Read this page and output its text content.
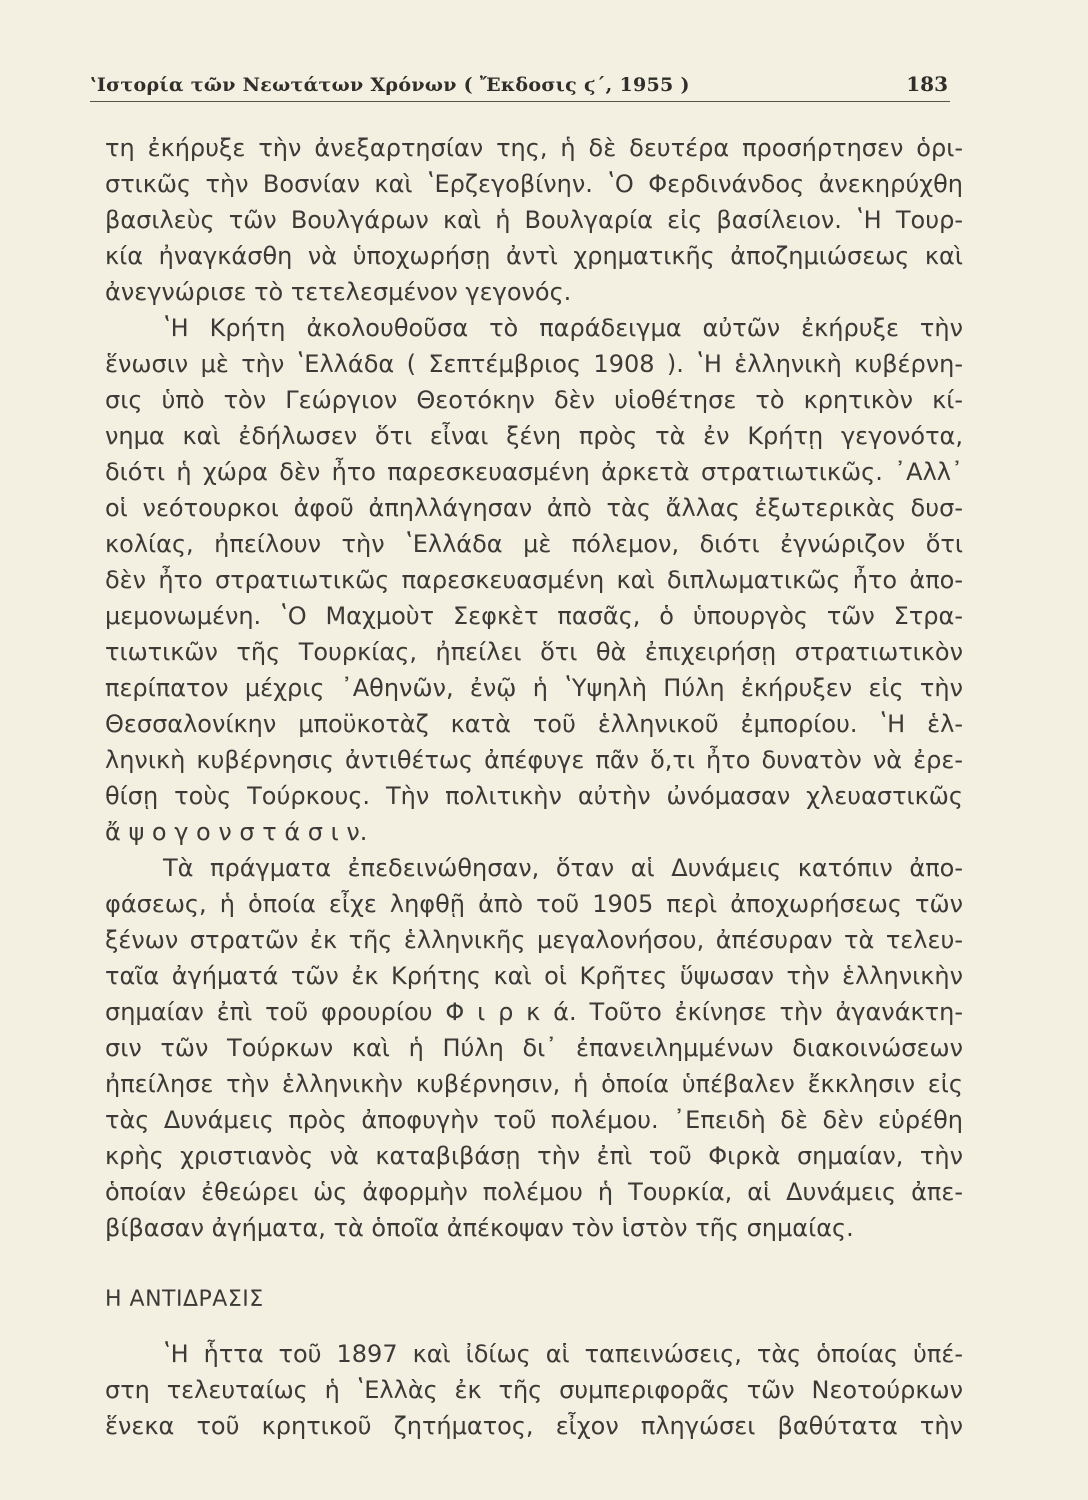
ʽΙστορία τῶν Νεωτάτων Χρόνων ( Ἔκδοσις ϛ΄, 1955 )	183
τη ἐκήρυξε τὴν ἀνεξαρτησίαν της, ἡ δὲ δευτέρα προσήρτησεν ὁρι-
στικῶς τὴν Βοσνίαν καὶ ʽΕρζεγοβίνην. ʽΟ Φερδινάνδος ἀνεκηρύχθη
βασιλεὺς τῶν Βουλγάρων καὶ ἡ Βουλγαρία εἰς βασίλειον. ʽΗ Τουρ-
κία ἠναγκάσθη νὰ ὑποχωρήσῃ ἀντὶ χρηματικῆς ἀποζημιώσεως καὶ
ἀνεγνώρισε τὸ τετελεσμένον γεγονός.
ʽΗ Κρήτη ἀκολουθοῦσα τὸ παράδειγμα αὐτῶν ἐκήρυξε τὴν
ἕνωσιν μὲ τὴν ʽΕλλάδα ( Σεπτέμβριος 1908 ). ʽΗ ἑλληνικὴ κυβέρνη-
σις ὑπὸ τὸν Γεώργιον Θεοτόκην δὲν υἱοθέτησε τὸ κρητικὸν κί-
νημα καὶ ἐδήλωσεν ὅτι εἶναι ξένη πρὸς τὰ ἐν Κρήτῃ γεγονότα,
διότι ἡ χώρα δὲν ἦτο παρεσκευασμένη ἀρκετὰ στρατιωτικῶς. ᾽Αλλ᾽
οἱ νεότουρκοι ἀφοῦ ἀπηλλάγησαν ἀπὸ τὰς ἄλλας ἐξωτερικὰς δυσ-
κολίας, ἠπείλουν τὴν ʽΕλλάδα μὲ πόλεμον, διότι ἐγνώριζον ὅτι
δὲν ἦτο στρατιωτικῶς παρεσκευασμένη καὶ διπλωματικῶς ἦτο ἀπο-
μεμονωμένη. ʽΟ Μαχμοὺτ Σεφκὲτ πασᾶς, ὁ ὑπουργὸς τῶν Στρα-
τιωτικῶν τῆς Τουρκίας, ἠπείλει ὅτι θὰ ἐπιχειρήσῃ στρατιωτικὸν
περίπατον μέχρις ᾽Αθηνῶν, ἐνῷ ἡ ʽΥψηλὴ Πύλη ἐκήρυξεν εἰς τὴν
Θεσσαλονίκην μποϋκοτὰζ κατὰ τοῦ ἑλληνικοῦ ἐμπορίου. ʽΗ ἑλ-
ληνικὴ κυβέρνησις ἀντιθέτως ἀπέφυγε πᾶν ὅ,τι ἦτο δυνατὸν νὰ ἐρε-
θίσῃ τοὺς Τούρκους. Τὴν πολιτικὴν αὐτὴν ὠνόμασαν χλευαστικῶς
ἄ ψ ο γ ο ν σ τ ά σ ι ν.
Τὰ πράγματα ἐπεδεινώθησαν, ὅταν αἱ Δυνάμεις κατόπιν ἀπο-
φάσεως, ἡ ὁποία εἶχε ληφθῇ ἀπὸ τοῦ 1905 περὶ ἀποχωρήσεως τῶν
ξένων στρατῶν ἐκ τῆς ἑλληνικῆς μεγαλονήσου, ἀπέσυραν τὰ τελευ-
ταῖα ἀγήματά τῶν ἐκ Κρήτης καὶ οἱ Κρῆτες ὕψωσαν τὴν ἑλληνικὴν
σημαίαν ἐπὶ τοῦ φρουρίου Φ ι ρ κ ά. Τοῦτο ἐκίνησε τὴν ἀγανάκτη-
σιν τῶν Τούρκων καὶ ἡ Πύλη δι᾽ ἐπανειλημμένων διακοινώσεων
ἠπείλησε τὴν ἑλληνικὴν κυβέρνησιν, ἡ ὁποία ὑπέβαλεν ἔκκλησιν εἰς
τὰς Δυνάμεις πρὸς ἀποφυγὴν τοῦ πολέμου. ᾽Επειδὴ δὲ δὲν εὑρέθη
κρὴς χριστιανὸς νὰ καταβιβάσῃ τὴν ἐπὶ τοῦ Φιρκὰ σημαίαν, τὴν
ὁποίαν ἐθεώρει ὡς ἀφορμὴν πολέμου ἡ Τουρκία, αἱ Δυνάμεις ἀπε-
βίβασαν ἀγήματα, τὰ ὁποῖα ἀπέκοψαν τὸν ἱστὸν τῆς σημαίας.
Η ΑΝΤΙΔΡΑΣΙΣ
ʽΗ ἧττα τοῦ 1897 καὶ ἰδίως αἱ ταπεινώσεις, τὰς ὁποίας ὑπέ-
στη τελευταίως ἡ ʽΕλλὰς ἐκ τῆς συμπεριφορᾶς τῶν Νεοτούρκων
ἕνεκα τοῦ κρητικοῦ ζητήματος, εἶχον πληγώσει βαθύτατα τὴν
